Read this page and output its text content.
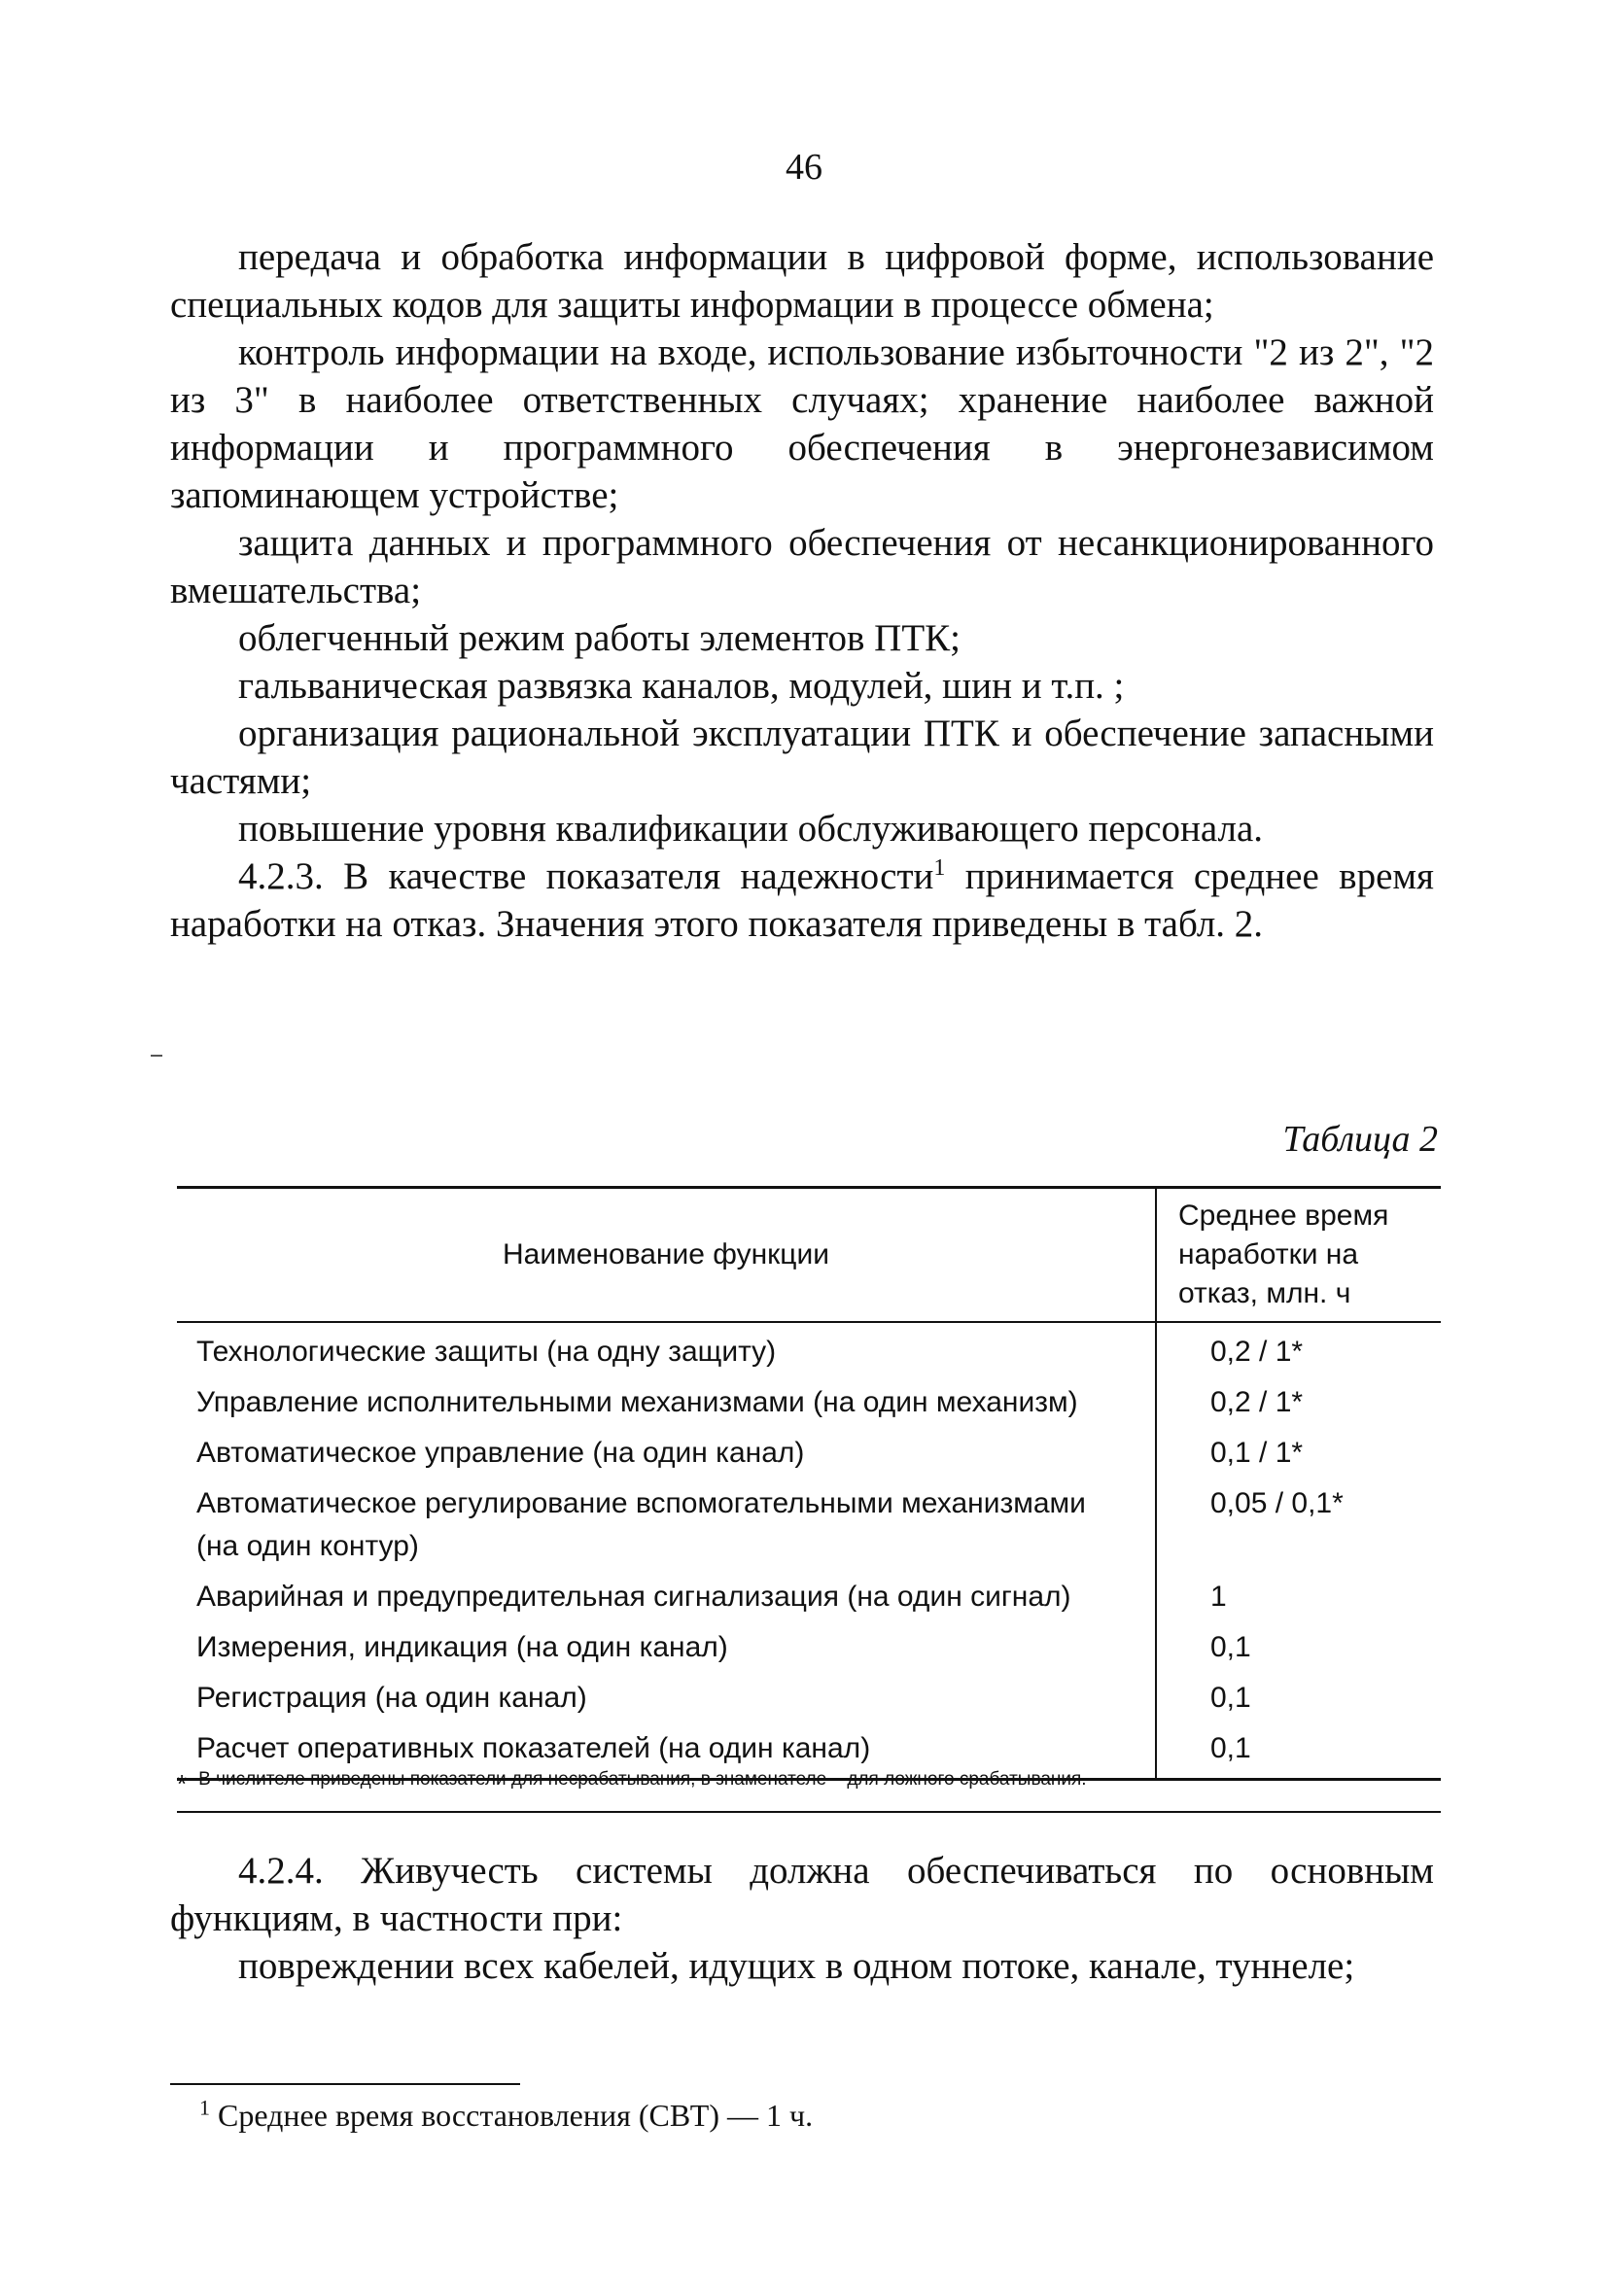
46

передача и обработка информации в цифровой форме, использование специальных кодов для защиты информации в процессе обмена;

контроль информации на входе, использование избыточности "2 из 2", "2 из 3" в наиболее ответственных случаях; хранение наиболее важной информации и программного обеспечения в энергонезависимом запоминающем устройстве;

защита данных и программного обеспечения от несанкционированного вмешательства;

облегченный режим работы элементов ПТК;

гальваническая развязка каналов, модулей, шин и т.п. ;

организация рациональной эксплуатации ПТК и обеспечение запасными частями;

повышение уровня квалификации обслуживающего персонала.

4.2.3. В качестве показателя надежности$^1$ принимается среднее время наработки на отказ. Значения этого показателя приведены в табл. 2.

Таблица 2
Наименование функции	Среднее время
наработки на
отказ, млн. ч

Технологические защиты (на одну защиту)	0,2 / 1*
Управление исполнительными механизмами (на один механизм)	0,2 / 1*
Автоматическое управление (на один канал)	0,1 / 1*
Автоматическое регулирование вспомогательными механизмами (на один контур)	0,05 / 0,1*
Аварийная и предупредительная сигнализация (на один сигнал)	1
Измерения, индикация (на один канал)	0,1
Регистрация (на один канал)	0,1
Расчет оперативных показателей (на один канал)	0,1
* В числителе приведены показатели для несрабатывания, в знаменателе – для ложного срабатывания.

4.2.4. Живучесть системы должна обеспечиваться по основным функциям, в частности при:

повреждении всех кабелей, идущих в одном потоке, канале, туннеле;

$^1$ Среднее время восстановления (СВТ) — 1 ч.
